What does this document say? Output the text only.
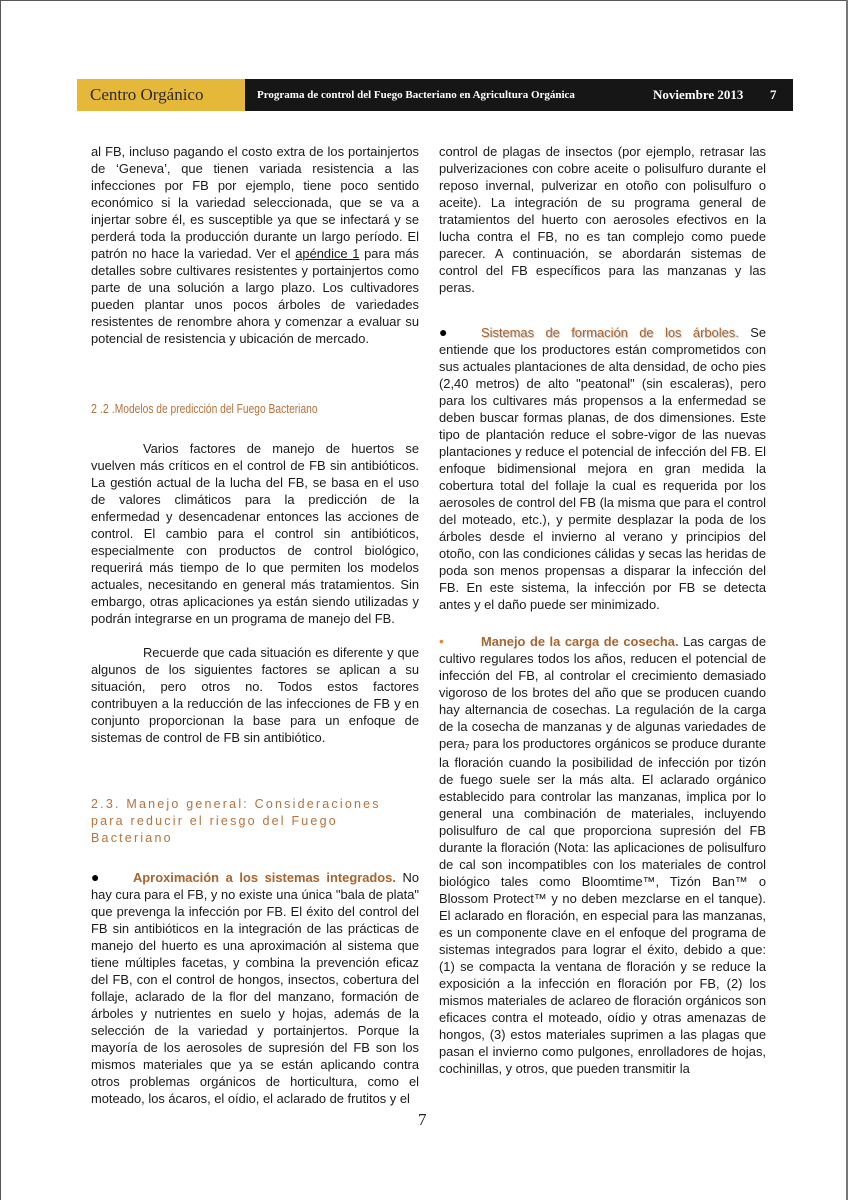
Centro Orgánico	Programa de control del Fuego Bacteriano en Agricultura Orgánica	Noviembre 2013 7

al FB, incluso pagando el costo extra de los portainjertos de ‘Geneva’, que tienen variada resistencia a las infecciones por FB por ejemplo, tiene poco sentido económico si la variedad seleccionada, que se va a injertar sobre él, es susceptible ya que se infectará y se perderá toda la producción durante un largo período. El patrón no hace la variedad. Ver el apéndice 1 para más detalles sobre cultivares resistentes y portainjertos como parte de una solución a largo plazo. Los cultivadores pueden plantar unos pocos árboles de variedades resistentes de renombre ahora y comenzar a evaluar su potencial de resistencia y ubicación de mercado.

2 .2 .Modelos de predicción del Fuego Bacteriano

Varios factores de manejo de huertos se vuelven más críticos en el control de FB sin antibióticos. La gestión actual de la lucha del FB, se basa en el uso de valores climáticos para la predicción de la enfermedad y desencadenar entonces las acciones de control. El cambio para el control sin antibióticos, especialmente con productos de control biológico, requerirá más tiempo de lo que permiten los modelos actuales, necesitando en general más tratamientos. Sin embargo, otras aplicaciones ya están siendo utilizadas y podrán integrarse en un programa de manejo del FB.

Recuerde que cada situación es diferente y que algunos de los siguientes factores se aplican a su situación, pero otros no. Todos estos factores contribuyen a la reducción de las infecciones de FB y en conjunto proporcionan la base para un enfoque de sistemas de control de FB sin antibiótico.

2.3. Manejo general: Consideraciones para reducir el riesgo del Fuego Bacteriano

●	Aproximación a los sistemas integrados. No hay cura para el FB, y no existe una única "bala de plata" que prevenga la infección por FB. El éxito del control del FB sin antibióticos en la integración de las prácticas de manejo del huerto es una aproximación al sistema que tiene múltiples facetas, y combina la prevención eficaz del FB, con el control de hongos, insectos, cobertura del follaje, aclarado de la flor del manzano, formación de árboles y nutrientes en suelo y hojas, además de la selección de la variedad y portainjertos. Porque la mayoría de los aerosoles de supresión del FB son los mismos materiales que ya se están aplicando contra otros problemas orgánicos de horticultura, como el moteado, los ácaros, el oídio, el aclarado de frutitos y el

control de plagas de insectos (por ejemplo, retrasar las pulverizaciones con cobre aceite o polisulfuro durante el reposo invernal, pulverizar en otoño con polisulfuro o aceite). La integración de su programa general de tratamientos del huerto con aerosoles efectivos en la lucha contra el FB, no es tan complejo como puede parecer. A continuación, se abordarán sistemas de control del FB específicos para las manzanas y las peras.

●	Sistemas de formación de los árboles. Se entiende que los productores están comprometidos con sus actuales plantaciones de alta densidad, de ocho pies (2,40 metros) de alto "peatonal" (sin escaleras), pero para los cultivares más propensos a la enfermedad se deben buscar formas planas, de dos dimensiones. Este tipo de plantación reduce el sobre-vigor de las nuevas plantaciones y reduce el potencial de infección del FB. El enfoque bidimensional mejora en gran medida la cobertura total del follaje la cual es requerida por los aerosoles de control del FB (la misma que para el control del moteado, etc.), y permite desplazar la poda de los árboles desde el invierno al verano y principios del otoño, con las condiciones cálidas y secas las heridas de poda son menos propensas a disparar la infección del FB. En este sistema, la infección por FB se detecta antes y el daño puede ser minimizado.

•	Manejo de la carga de cosecha. Las cargas de cultivo regulares todos los años, reducen el potencial de infección del FB, al controlar el crecimiento demasiado vigoroso de los brotes del año que se producen cuando hay alternancia de cosechas. La regulación de la carga de la cosecha de manzanas y de algunas variedades de pera$_7$ para los productores orgánicos se produce durante la floración cuando la posibilidad de infección por tizón de fuego suele ser la más alta. El aclarado orgánico establecido para controlar las manzanas, implica por lo general una combinación de materiales, incluyendo polisulfuro de cal que proporciona supresión del FB durante la floración (Nota: las aplicaciones de polisulfuro de cal son incompatibles con los materiales de control biológico tales como Bloomtime™, Tizón Ban™ o Blossom Protect™ y no deben mezclarse en el tanque). El aclarado en floración, en especial para las manzanas, es un componente clave en el enfoque del programa de sistemas integrados para lograr el éxito, debido a que: (1) se compacta la ventana de floración y se reduce la exposición a la infección en floración por FB, (2) los mismos materiales de aclareo de floración orgánicos son eficaces contra el moteado, oídio y otras amenazas de hongos, (3) estos materiales suprimen a las plagas que pasan el invierno como pulgones, enrolladores de hojas, cochinillas, y otros, que pueden transmitir la

7
